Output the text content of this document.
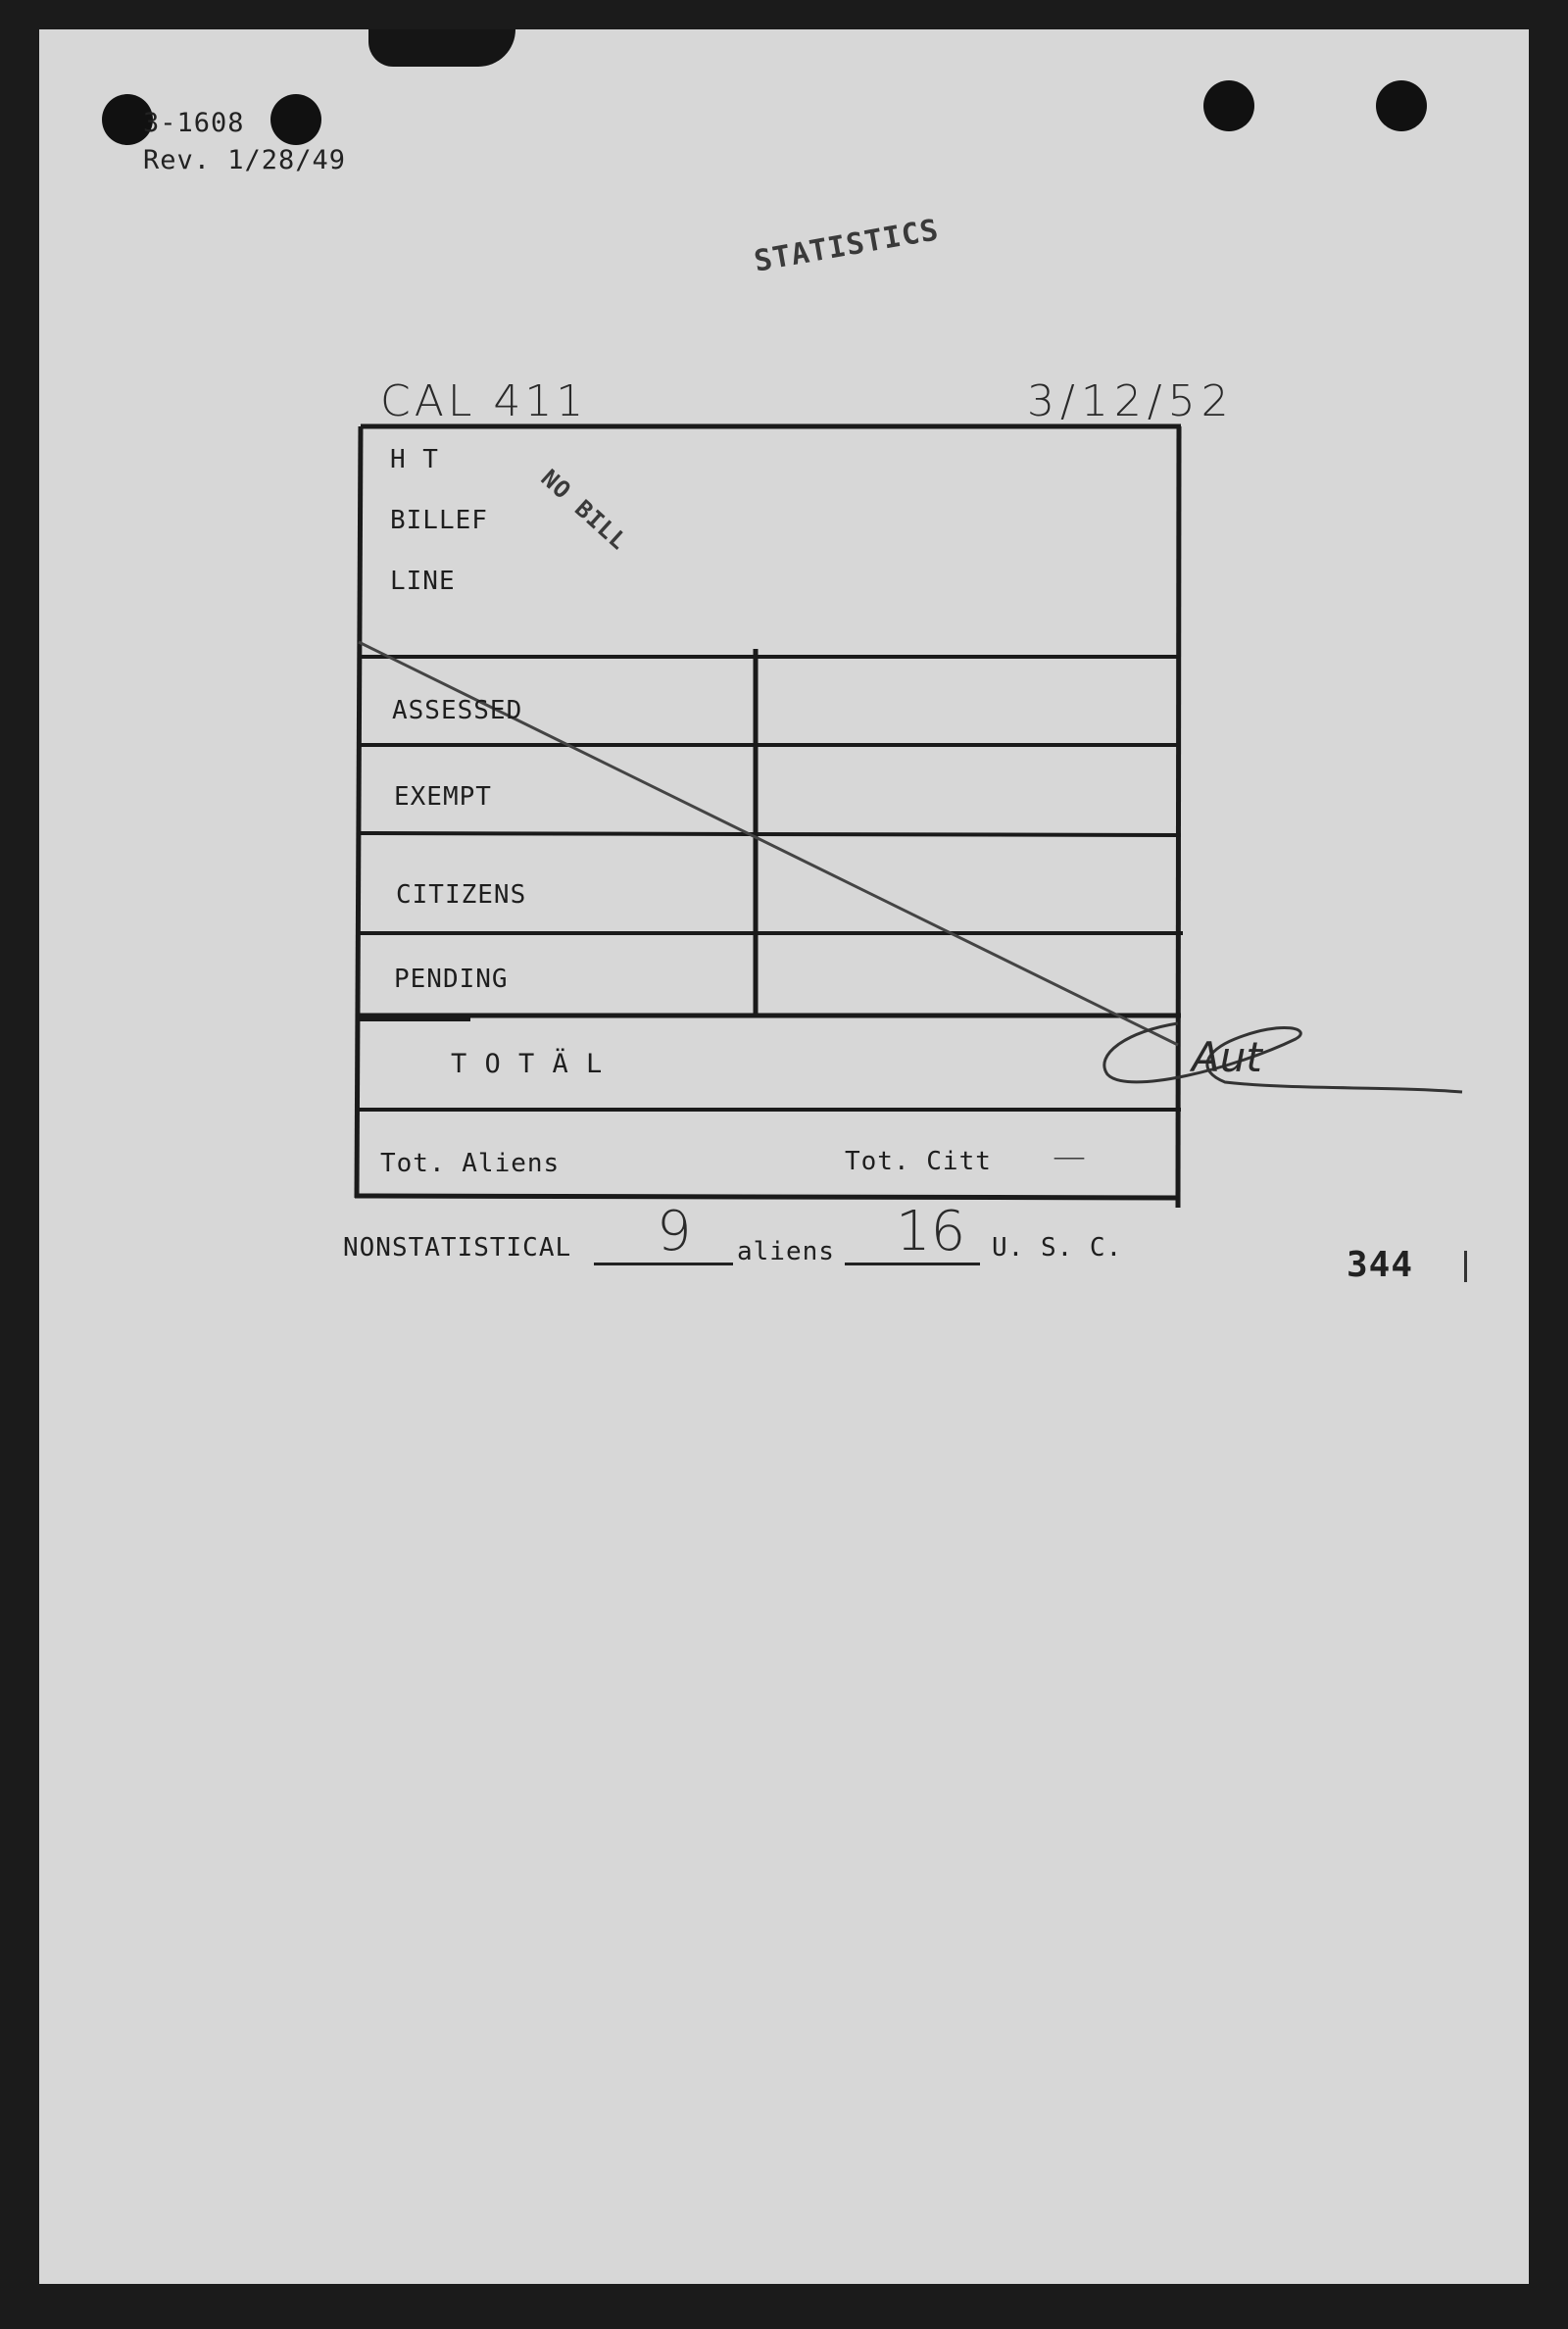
3-1608
Rev. 1/28/49
STATISTICS
CAL 411	3/12/52
NO BILL
H T
BILLEF
LINE
ASSESSED
EXEMPT
CITIZENS
PENDING
T O T Ä L	Aut
Tot. Aliens	Tot. Citt —
NONSTATISTICAL 9 aliens 16 U. S. C.	344
